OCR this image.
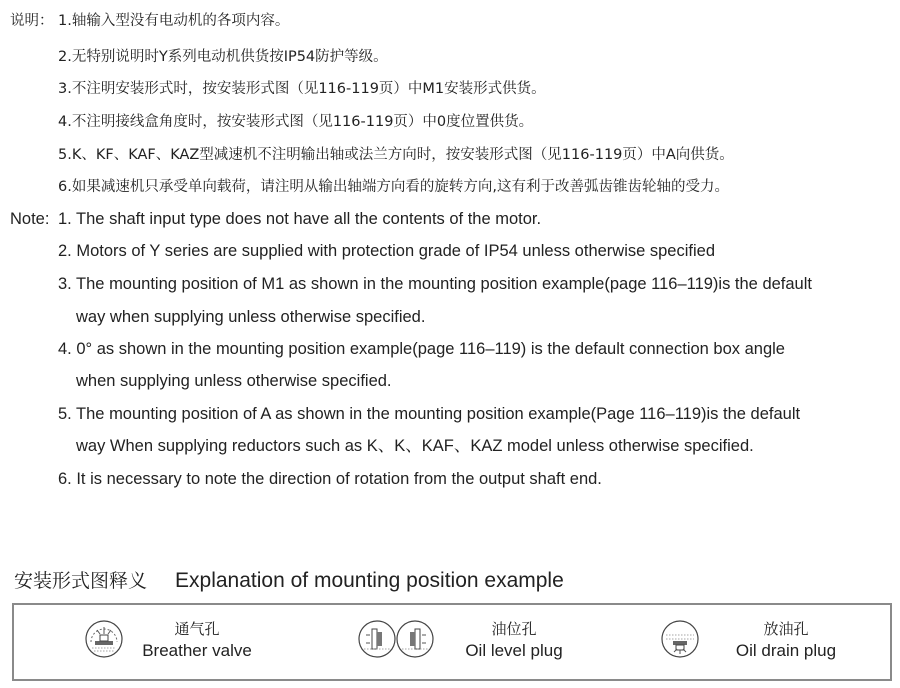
说明： 1.轴输入型没有电动机的各项内容。
2.无特别说明时Y系列电动机供货按IP54防护等级。
3.不注明安装形式时，按安装形式图（见116-119页）中M1安装形式供货。
4.不注明接线盒角度时，按安装形式图（见116-119页）中0度位置供货。
5.K、KF、KAF、KAZ型减速机不注明输出轴或法兰方向时，按安装形式图（见116-119页）中A向供货。
6.如果减速机只承受单向载荷，请注明从输出轴端方向看的旋转方向,这有利于改善弧齿锥齿轮轴的受力。
Note: 1. The shaft input type does not have all the contents of the motor.
2. Motors of Y series are supplied with protection grade of IP54 unless otherwise specified
3. The mounting position of M1 as shown in the mounting position example(page 116–119)is the default
way when supplying unless otherwise specified.
4. 0° as shown in the mounting position example(page 116–119) is the default connection box angle
when supplying unless otherwise specified.
5. The mounting position of A as shown in the mounting position example(Page 116–119)is the default
way When supplying reductors such as K、K、KAF、KAZ model unless otherwise specified.
6. It is necessary to note the direction of rotation from the output shaft end.
安装形式图释义 Explanation of mounting position example
通气孔
Breather valve
油位孔
Oil level plug
放油孔
Oil drain plug
